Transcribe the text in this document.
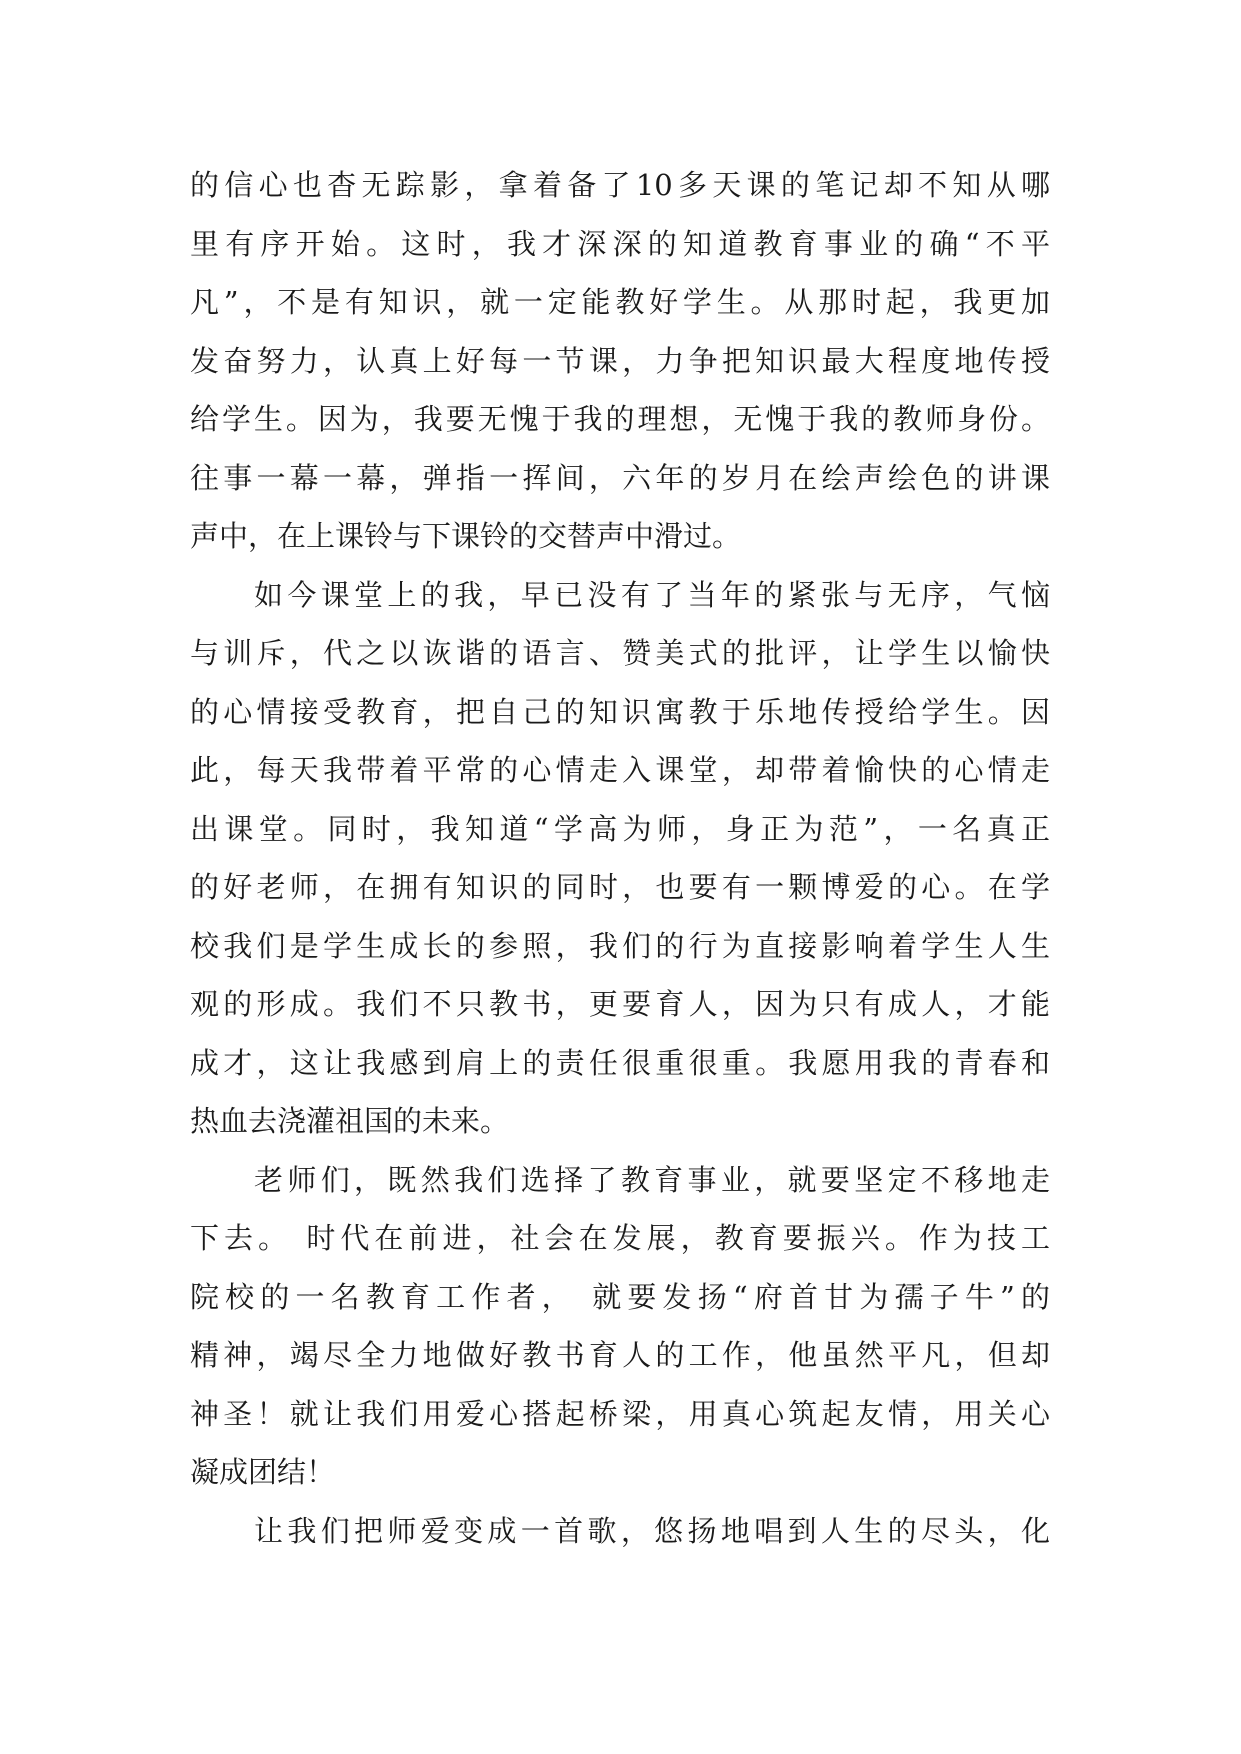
的信心也杳无踪影，拿着备了10多天课的笔记却不知从哪
里有序开始。这时，我才深深的知道教育事业的确“不平
凡”，不是有知识，就一定能教好学生。从那时起，我更加
发奋努力，认真上好每一节课，力争把知识最大程度地传授
给学生。因为，我要无愧于我的理想，无愧于我的教师身份。
往事一幕一幕，弹指一挥间，六年的岁月在绘声绘色的讲课
声中，在上课铃与下课铃的交替声中滑过。
如今课堂上的我，早已没有了当年的紧张与无序，气恼
与训斥，代之以诙谐的语言、赞美式的批评，让学生以愉快
的心情接受教育，把自己的知识寓教于乐地传授给学生。因
此，每天我带着平常的心情走入课堂，却带着愉快的心情走
出课堂。同时，我知道“学高为师，身正为范”，一名真正
的好老师，在拥有知识的同时，也要有一颗博爱的心。在学
校我们是学生成长的参照，我们的行为直接影响着学生人生
观的形成。我们不只教书，更要育人，因为只有成人，才能
成才，这让我感到肩上的责任很重很重。我愿用我的青春和
热血去浇灌祖国的未来。
老师们，既然我们选择了教育事业，就要坚定不移地走
下去。 时代在前进，社会在发展，教育要振兴。作为技工
院校的一名教育工作者， 就要发扬“府首甘为孺子牛”的
精神，竭尽全力地做好教书育人的工作，他虽然平凡，但却
神圣！就让我们用爱心搭起桥梁，用真心筑起友情，用关心
凝成团结！
让我们把师爱变成一首歌，悠扬地唱到人生的尽头，化
